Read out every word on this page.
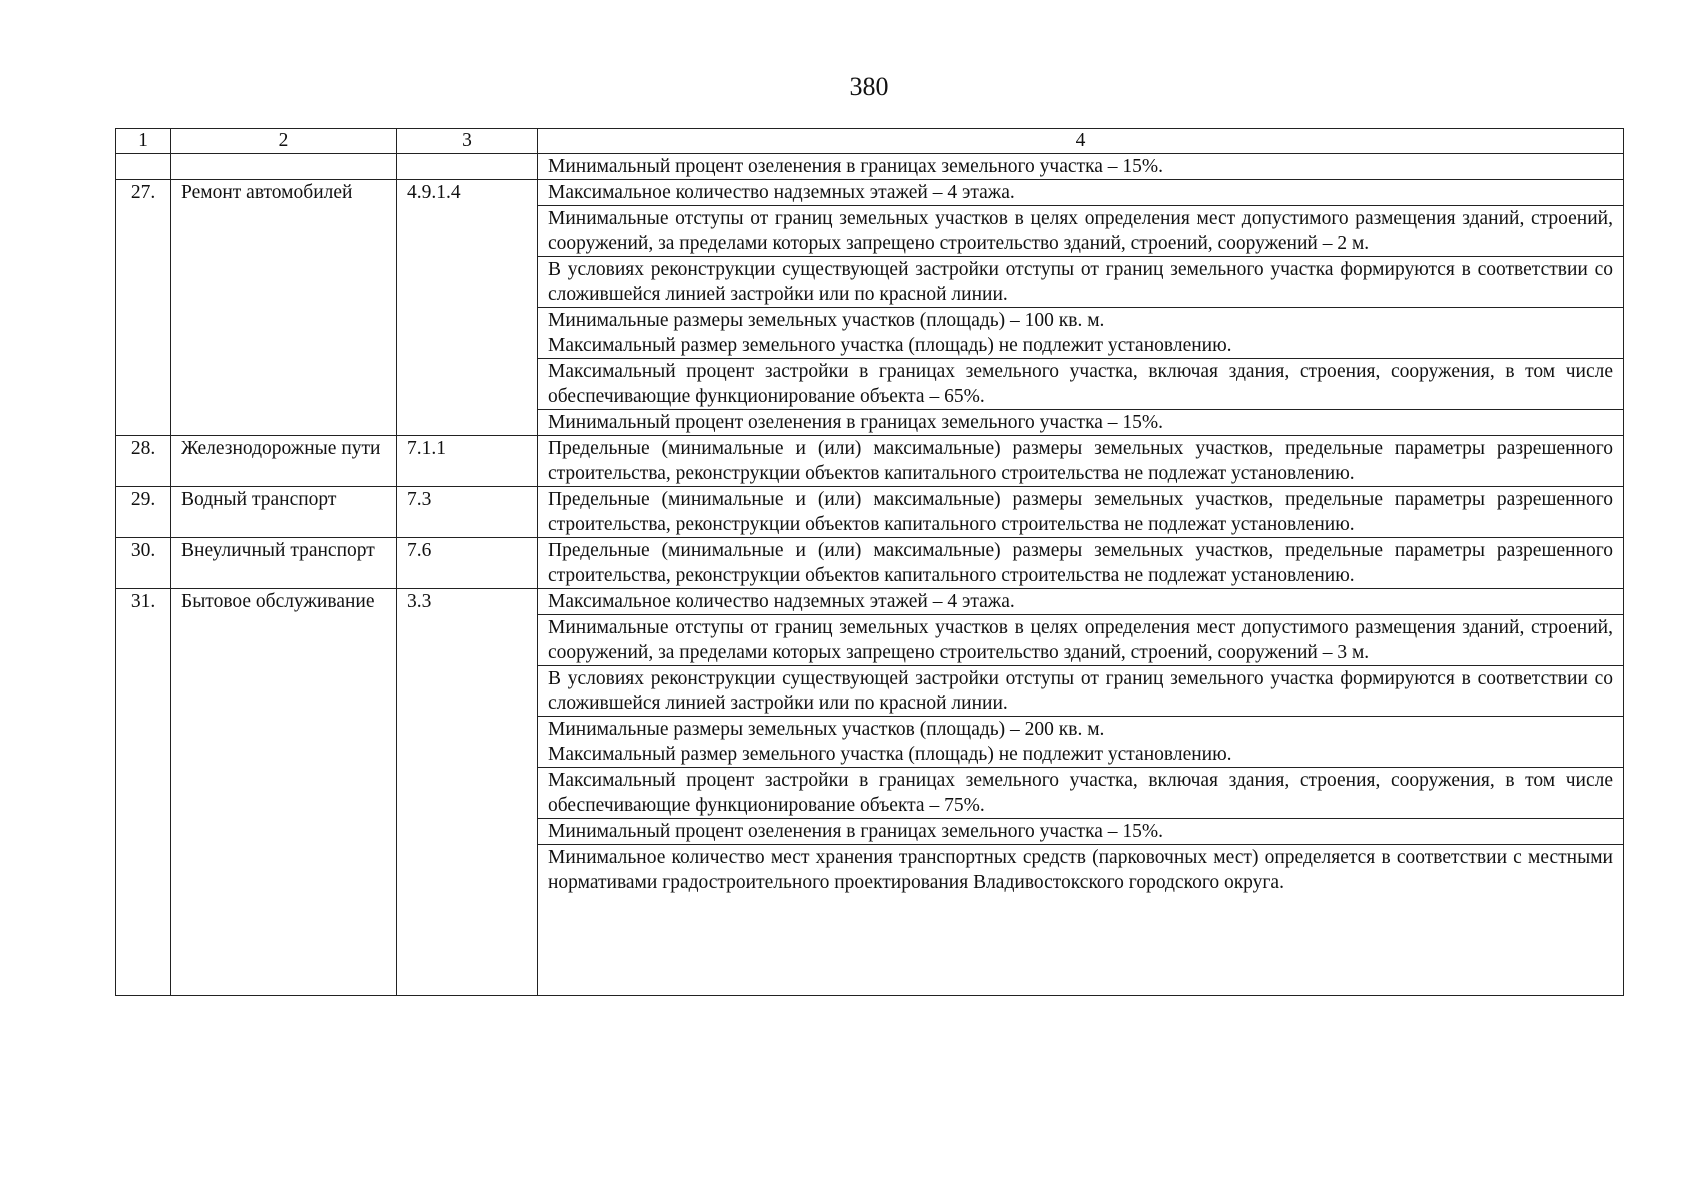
380
1	2	3	4
			Минимальный процент озеленения в границах земельного участка – 15%.
27.	Ремонт автомобилей	4.9.1.4	Максимальное количество надземных этажей – 4 этажа.
			Минимальные отступы от границ земельных участков в целях определения мест допустимого размещения зданий, строений, сооружений, за пределами которых запрещено строительство зданий, строений, сооружений – 2 м.
			В условиях реконструкции существующей застройки отступы от границ земельного участка формируются в соответствии со сложившейся линией застройки или по красной линии.

			Минимальные размеры земельных участков (площадь) – 100 кв. м.
Максимальный размер земельного участка (площадь) не подлежит установлению.

			Максимальный процент застройки в границах земельного участка, включая здания, строения, сооружения, в том числе обеспечивающие функционирование объекта – 65%.
			Минимальный процент озеленения в границах земельного участка – 15%.
28.	Железнодорожные пути	7.1.1	Предельные (минимальные и (или) максимальные) размеры земельных участков, предельные параметры разрешенного строительства, реконструкции объектов капитального строительства не подлежат установлению.
29.	Водный транспорт	7.3	Предельные (минимальные и (или) максимальные) размеры земельных участков, предельные параметры разрешенного строительства, реконструкции объектов капитального строительства не подлежат установлению.
30.	Внеуличный транспорт	7.6	Предельные (минимальные и (или) максимальные) размеры земельных участков, предельные параметры разрешенного строительства, реконструкции объектов капитального строительства не подлежат установлению.
31.	Бытовое обслуживание	3.3	Максимальное количество надземных этажей – 4 этажа.
			Минимальные отступы от границ земельных участков в целях определения мест допустимого размещения зданий, строений, сооружений, за пределами которых запрещено строительство зданий, строений, сооружений – 3 м.
			В условиях реконструкции существующей застройки отступы от границ земельного участка формируются в соответствии со сложившейся линией застройки или по красной линии.

			Минимальные размеры земельных участков (площадь) – 200 кв. м.
Максимальный размер земельного участка (площадь) не подлежит установлению.

			Максимальный процент застройки в границах земельного участка, включая здания, строения, сооружения, в том числе обеспечивающие функционирование объекта – 75%.
			Минимальный процент озеленения в границах земельного участка – 15%.
			Минимальное количество мест хранения транспортных средств (парковочных мест) определяется в соответствии с местными нормативами градостроительного проектирования Владивостокского городского округа.
